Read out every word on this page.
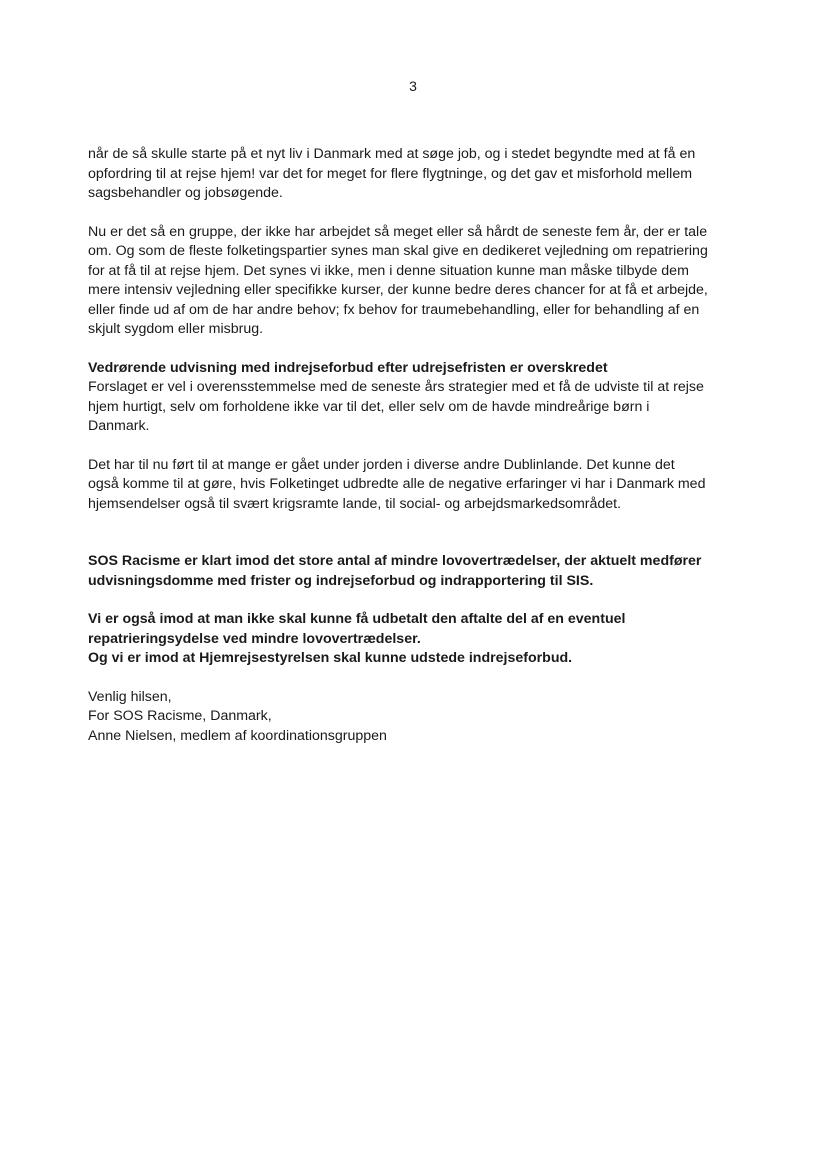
3

når de så skulle starte på et nyt liv i Danmark med at søge job, og i stedet begyndte med at få en
opfordring til at rejse hjem! var det for meget for flere flygtninge, og det gav et misforhold mellem
sagsbehandler og jobsøgende.

Nu er det så en gruppe, der ikke har arbejdet så meget eller så hårdt de seneste fem år, der er tale
om. Og som de fleste folketingspartier synes man skal give en dedikeret vejledning om repatriering
for at få til at rejse hjem. Det synes vi ikke, men i denne situation kunne man måske tilbyde dem
mere intensiv vejledning eller specifikke kurser, der kunne bedre deres chancer for at få et arbejde,
eller finde ud af om de har andre behov; fx behov for traumebehandling, eller for behandling af en
skjult sygdom eller misbrug.

Vedrørende udvisning med indrejseforbud efter udrejsefristen er overskredet
Forslaget er vel i overensstemmelse med de seneste års strategier med et få de udviste til at rejse
hjem hurtigt, selv om forholdene ikke var til det, eller selv om de havde mindreårige børn i
Danmark.

Det har til nu ført til at mange er gået under jorden i diverse andre Dublinlande. Det kunne det
også komme til at gøre, hvis Folketinget udbredte alle de negative erfaringer vi har i Danmark med
hjemsendelser også til svært krigsramte lande, til social- og arbejdsmarkedsområdet.

SOS Racisme er klart imod det store antal af mindre lovovertrædelser, der aktuelt medfører
udvisningsdomme med frister og indrejseforbud og indrapportering til SIS.

Vi er også imod at man ikke skal kunne få udbetalt den aftalte del af en eventuel
repatrieringsydelse ved mindre lovovertrædelser.
Og vi er imod at Hjemrejsestyrelsen skal kunne udstede indrejseforbud.

Venlig hilsen,
For SOS Racisme, Danmark,
Anne Nielsen, medlem af koordinationsgruppen
